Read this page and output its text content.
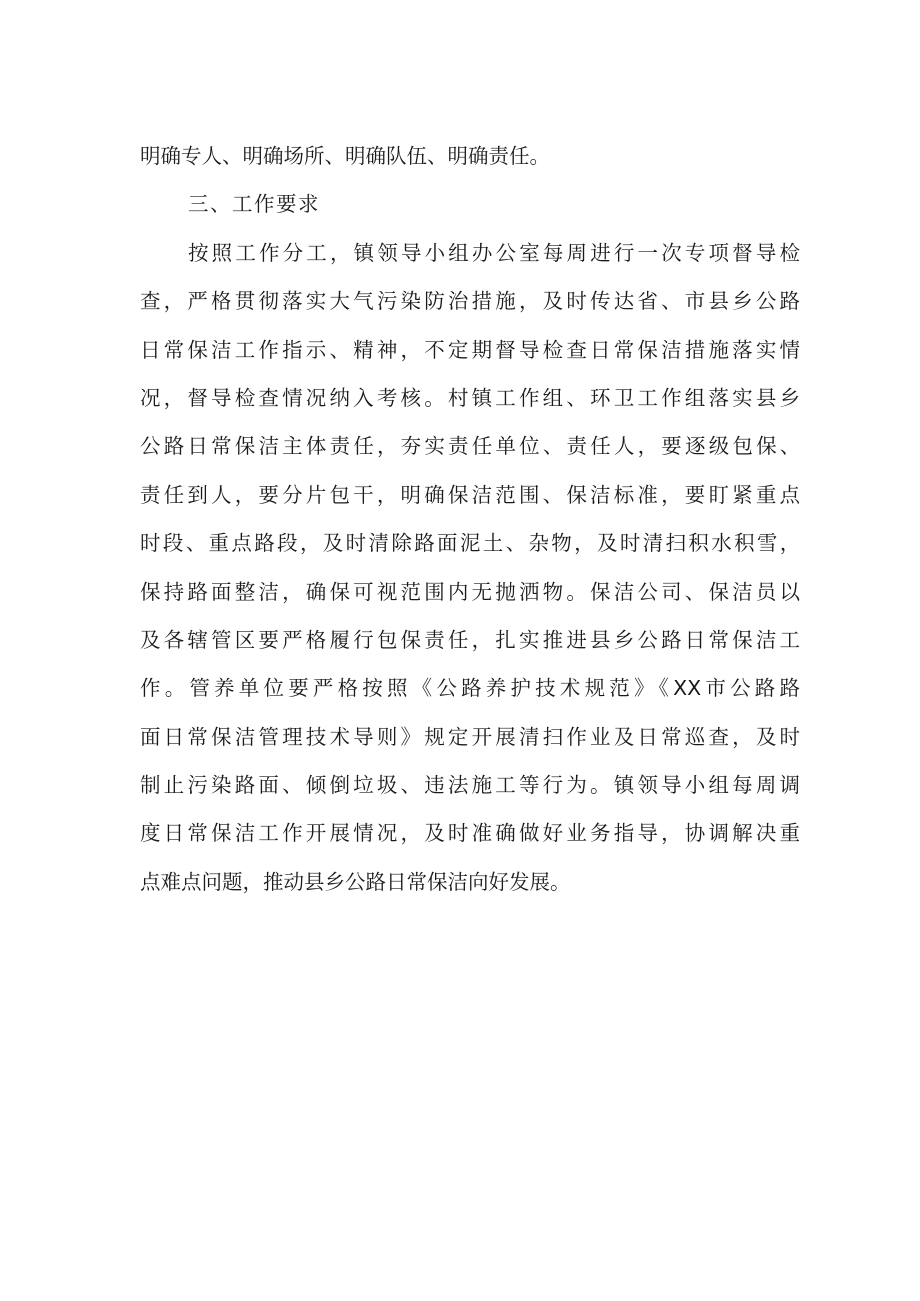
明确专人、明确场所、明确队伍、明确责任。
三、工作要求
按照工作分工，镇领导小组办公室每周进行一次专项督导检
查，严格贯彻落实大气污染防治措施，及时传达省、市县乡公路
日常保洁工作指示、精神，不定期督导检查日常保洁措施落实情
况，督导检查情况纳入考核。村镇工作组、环卫工作组落实县乡
公路日常保洁主体责任，夯实责任单位、责任人，要逐级包保、
责任到人，要分片包干，明确保洁范围、保洁标准，要盯紧重点
时段、重点路段，及时清除路面泥土、杂物，及时清扫积水积雪，
保持路面整洁，确保可视范围内无抛洒物。保洁公司、保洁员以
及各辖管区要严格履行包保责任，扎实推进县乡公路日常保洁工
作。管养单位要严格按照《公路养护技术规范》《XX市公路路
面日常保洁管理技术导则》规定开展清扫作业及日常巡查，及时
制止污染路面、倾倒垃圾、违法施工等行为。镇领导小组每周调
度日常保洁工作开展情况，及时准确做好业务指导，协调解决重
点难点问题，推动县乡公路日常保洁向好发展。
